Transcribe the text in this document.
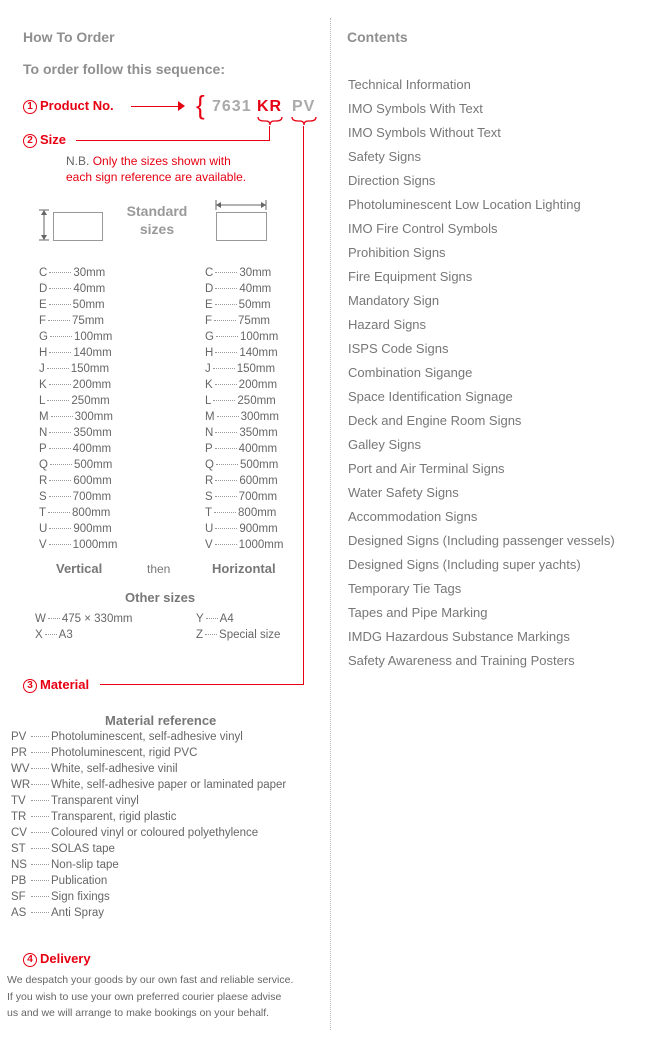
How To Order
To order follow this sequence:
1 Product No.	{ 7631 KR PV
2 Size
N.B. Only the sizes shown with
each sign reference are available.
Standard
sizes
C 30mm
D 40mm
E 50mm
F 75mm
G 100mm
H 140mm
J 150mm
K 200mm
L 250mm
M 300mm
N 350mm
P 400mm
Q 500mm
R 600mm
S 700mm
T 800mm
U 900mm
V 1000mm
C 30mm
D 40mm
E 50mm
F 75mm
G 100mm
H 140mm
J 150mm
K 200mm
L 250mm
M 300mm
N 350mm
P 400mm
Q 500mm
R 600mm
S 700mm
T 800mm
U 900mm
V 1000mm
Vertical	then	Horizontal
Other sizes
W 475 × 330mm
X A3
Y A4
Z Special size
3 Material
Material reference
PV Photoluminescent, self-adhesive vinyl
PR Photoluminescent, rigid PVC
WV White, self-adhesive vinil
WR White, self-adhesive paper or laminated paper
TV Transparent vinyl
TR Transparent, rigid plastic
CV Coloured vinyl or coloured polyethylence
ST SOLAS tape
NS Non-slip tape
PB Publication
SF Sign fixings
AS Anti Spray
4 Delivery
We despatch your goods by our own fast and reliable service.
If you wish to use your own preferred courier plaese advise
us and we will arrange to make bookings on your behalf.
Contents
Technical Information
IMO Symbols With Text
IMO Symbols Without Text
Safety Signs
Direction Signs
Photoluminescent Low Location Lighting
IMO Fire Control Symbols
Prohibition Signs
Fire Equipment Signs
Mandatory Sign
Hazard Signs
ISPS Code Signs
Combination Sigange
Space Identification Signage
Deck and Engine Room Signs
Galley Signs
Port and Air Terminal Signs
Water Safety Signs
Accommodation Signs
Designed Signs (Including passenger vessels)
Designed Signs (Including super yachts)
Temporary Tie Tags
Tapes and Pipe Marking
IMDG Hazardous Substance Markings
Safety Awareness and Training Posters
